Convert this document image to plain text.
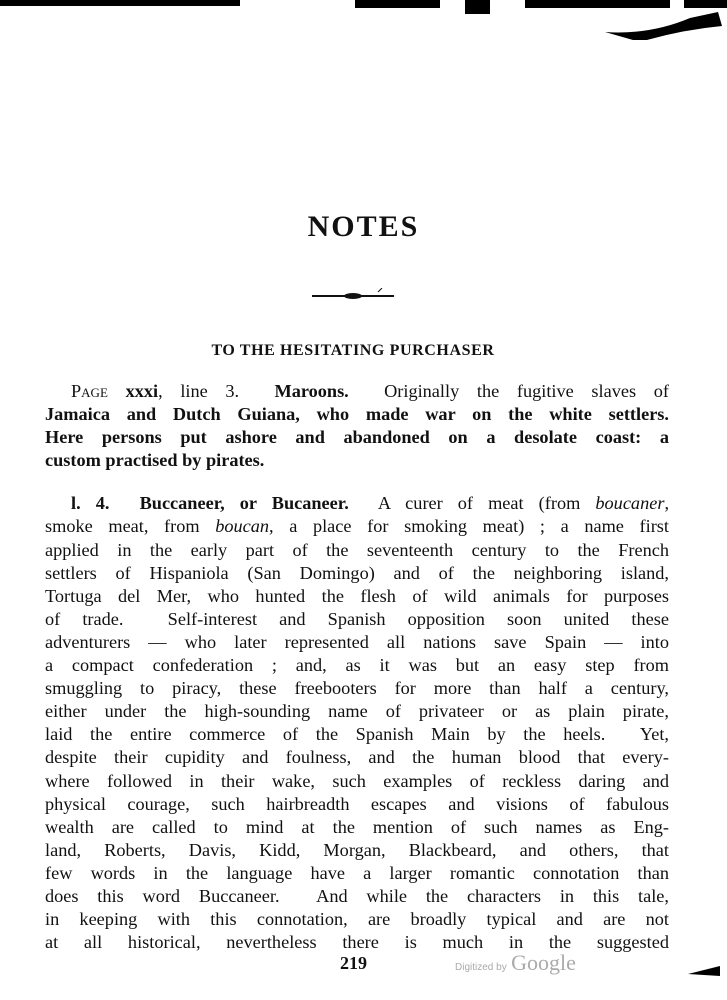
NOTES
TO THE HESITATING PURCHASER
Page xxxi, line 3.  Maroons.  Originally the fugitive slaves of
Jamaica and Dutch Guiana, who made war on the white settlers.
Here persons put ashore and abandoned on a desolate coast: a
custom practised by pirates.
l. 4.  Buccaneer, or Bucaneer.  A curer of meat (from boucaner,
smoke meat, from boucan, a place for smoking meat) ; a name first
applied in the early part of the seventeenth century to the French
settlers of Hispaniola (San Domingo) and of the neighboring island,
Tortuga del Mer, who hunted the flesh of wild animals for purposes
of trade.  Self-interest and Spanish opposition soon united these
adventurers — who later represented all nations save Spain — into
a compact confederation ; and, as it was but an easy step from
smuggling to piracy, these freebooters for more than half a century,
either under the high-sounding name of privateer or as plain pirate,
laid the entire commerce of the Spanish Main by the heels.  Yet,
despite their cupidity and foulness, and the human blood that every-
where followed in their wake, such examples of reckless daring and
physical courage, such hairbreadth escapes and visions of fabulous
wealth are called to mind at the mention of such names as Eng-
land, Roberts, Davis, Kidd, Morgan, Blackbeard, and others, that
few words in the language have a larger romantic connotation than
does this word Buccaneer.  And while the characters in this tale,
in keeping with this connotation, are broadly typical and are not
at all historical, nevertheless there is much in the suggested
219	Digitized by Google
